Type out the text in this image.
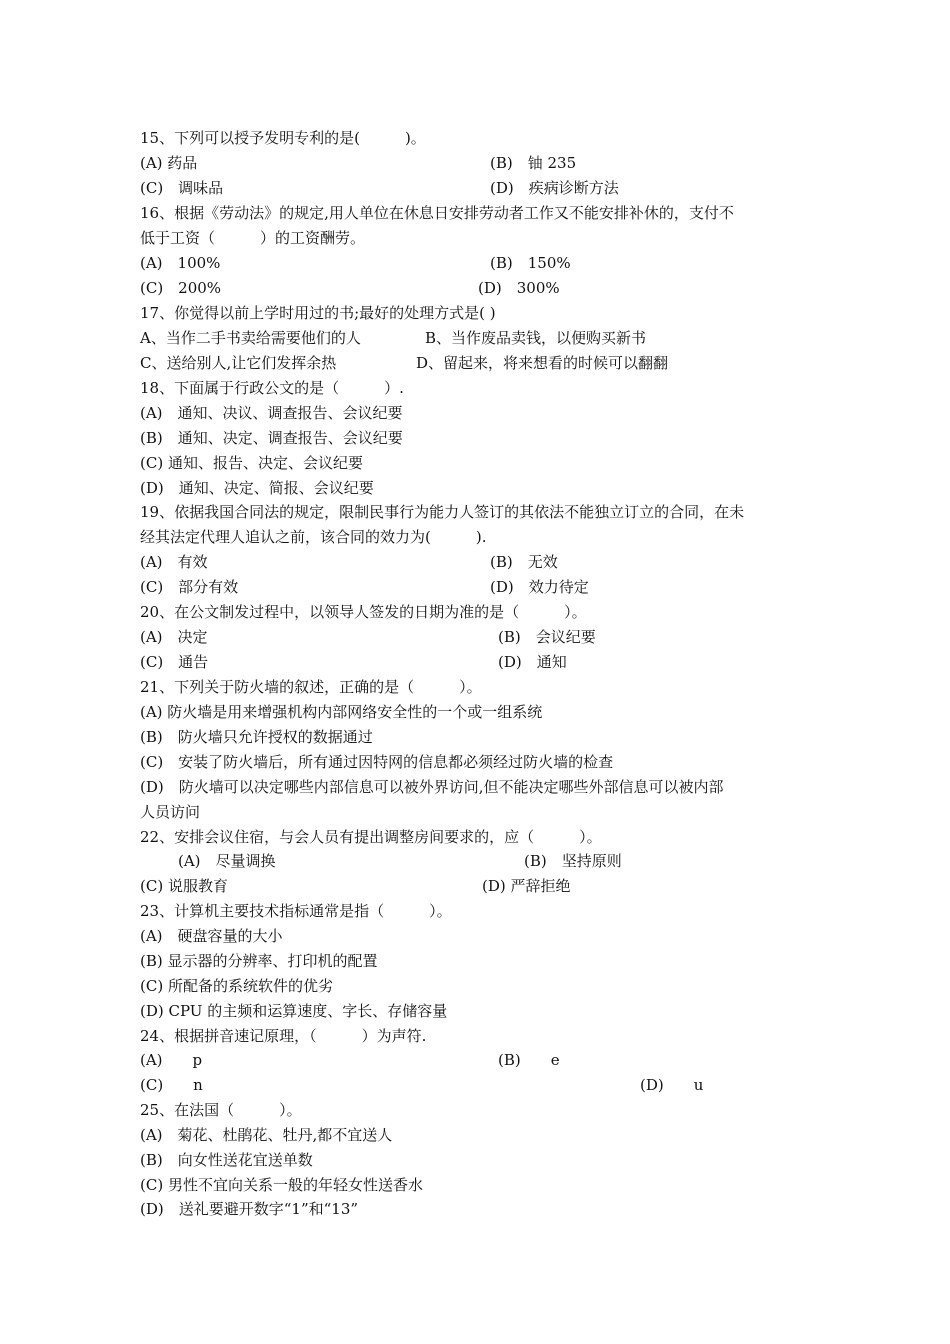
15、下列可以授予发明专利的是(　　　)。
(A) 药品	(B)　铀 235
(C)　调味品	(D)　疾病诊断方法
16、根据《劳动法》的规定,用人单位在休息日安排劳动者工作又不能安排补休的，支付不
低于工资（　　　）的工资酬劳。
(A)　100%	(B)　150%
(C)　200%	(D)　300%
17、你觉得以前上学时用过的书;最好的处理方式是( )
A、当作二手书卖给需要他们的人	B、当作废品卖钱，以便购买新书
C、送给别人,让它们发挥余热	D、留起来，将来想看的时候可以翻翻
18、下面属于行政公文的是（　　　）.
(A)　通知、决议、调查报告、会议纪要
(B)　通知、决定、调查报告、会议纪要
(C) 通知、报告、决定、会议纪要
(D)　通知、决定、简报、会议纪要
19、依据我国合同法的规定，限制民事行为能力人签订的其依法不能独立订立的合同，在未
经其法定代理人追认之前，该合同的效力为(　　　).
(A)　有效	(B)　无效
(C)　部分有效	(D)　效力待定
20、在公文制发过程中，以领导人签发的日期为准的是（　　　）。
(A)　决定	(B)　会议纪要
(C)　通告	(D)　通知
21、下列关于防火墙的叙述，正确的是（　　　）。
(A) 防火墙是用来增强机构内部网络安全性的一个或一组系统
(B)　防火墙只允许授权的数据通过
(C)　安装了防火墙后，所有通过因特网的信息都必须经过防火墙的检查
(D)　防火墙可以决定哪些内部信息可以被外界访问,但不能决定哪些外部信息可以被内部
人员访问
22、安排会议住宿，与会人员有提出调整房间要求的，应（　　　）。
(A)　尽量调换	(B)　坚持原则
(C) 说服教育	(D) 严辞拒绝
23、计算机主要技术指标通常是指（　　　）。
(A)　硬盘容量的大小
(B) 显示器的分辨率、打印机的配置
(C) 所配备的系统软件的优劣
(D) CPU 的主频和运算速度、字长、存储容量
24、根据拼音速记原理，（　　　）为声符.
(A)　　p	(B)　　e
(C)　　n	(D)　　u
25、在法国（　　　）。
(A)　菊花、杜鹃花、牡丹,都不宜送人
(B)　向女性送花宜送单数
(C) 男性不宜向关系一般的年轻女性送香水
(D)　送礼要避开数字“1”和“13”
